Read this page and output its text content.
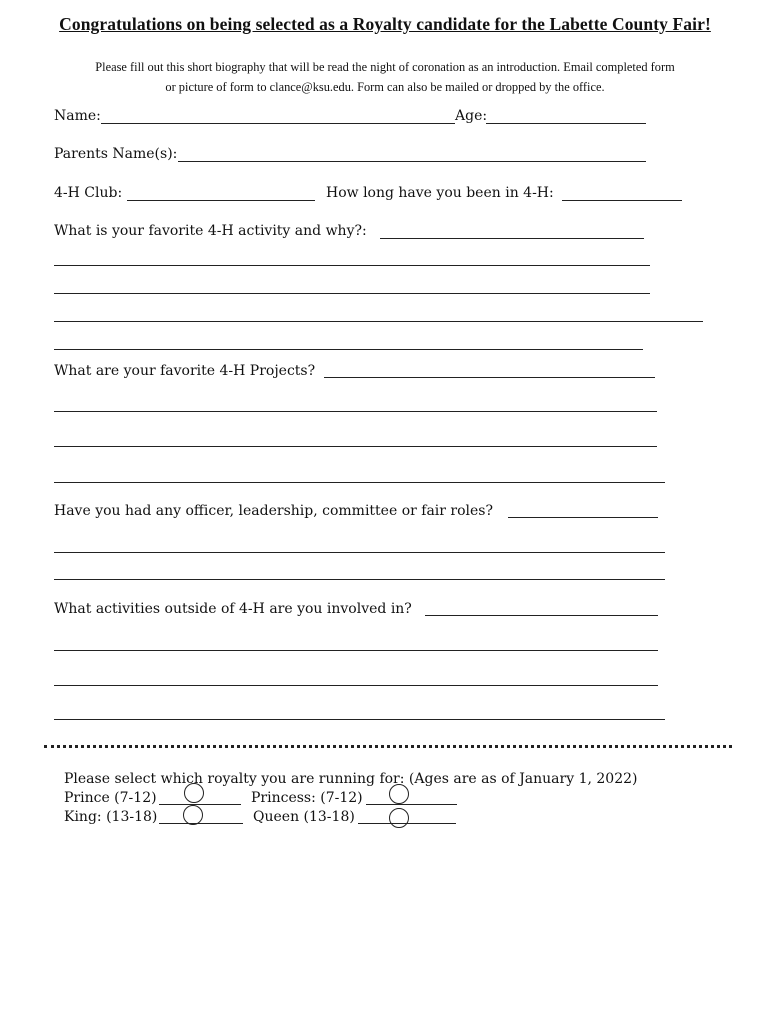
Congratulations on being selected as a Royalty candidate for the Labette County Fair!
Please fill out this short biography that will be read the night of coronation as an introduction. Email completed form
or picture of form to clance@ksu.edu. Form can also be mailed or dropped by the office.
Name:	Age:
Parents Name(s):
4-H Club:	How long have you been in 4-H:
What is your favorite 4-H activity and why?:
What are your favorite 4-H Projects?
Have you had any officer, leadership, committee or fair roles?
What activities outside of 4-H are you involved in?
Please select which royalty you are running for: (Ages are as of January 1, 2022)
Prince (7-12)	Princess: (7-12)
King: (13-18)	Queen (13-18)
